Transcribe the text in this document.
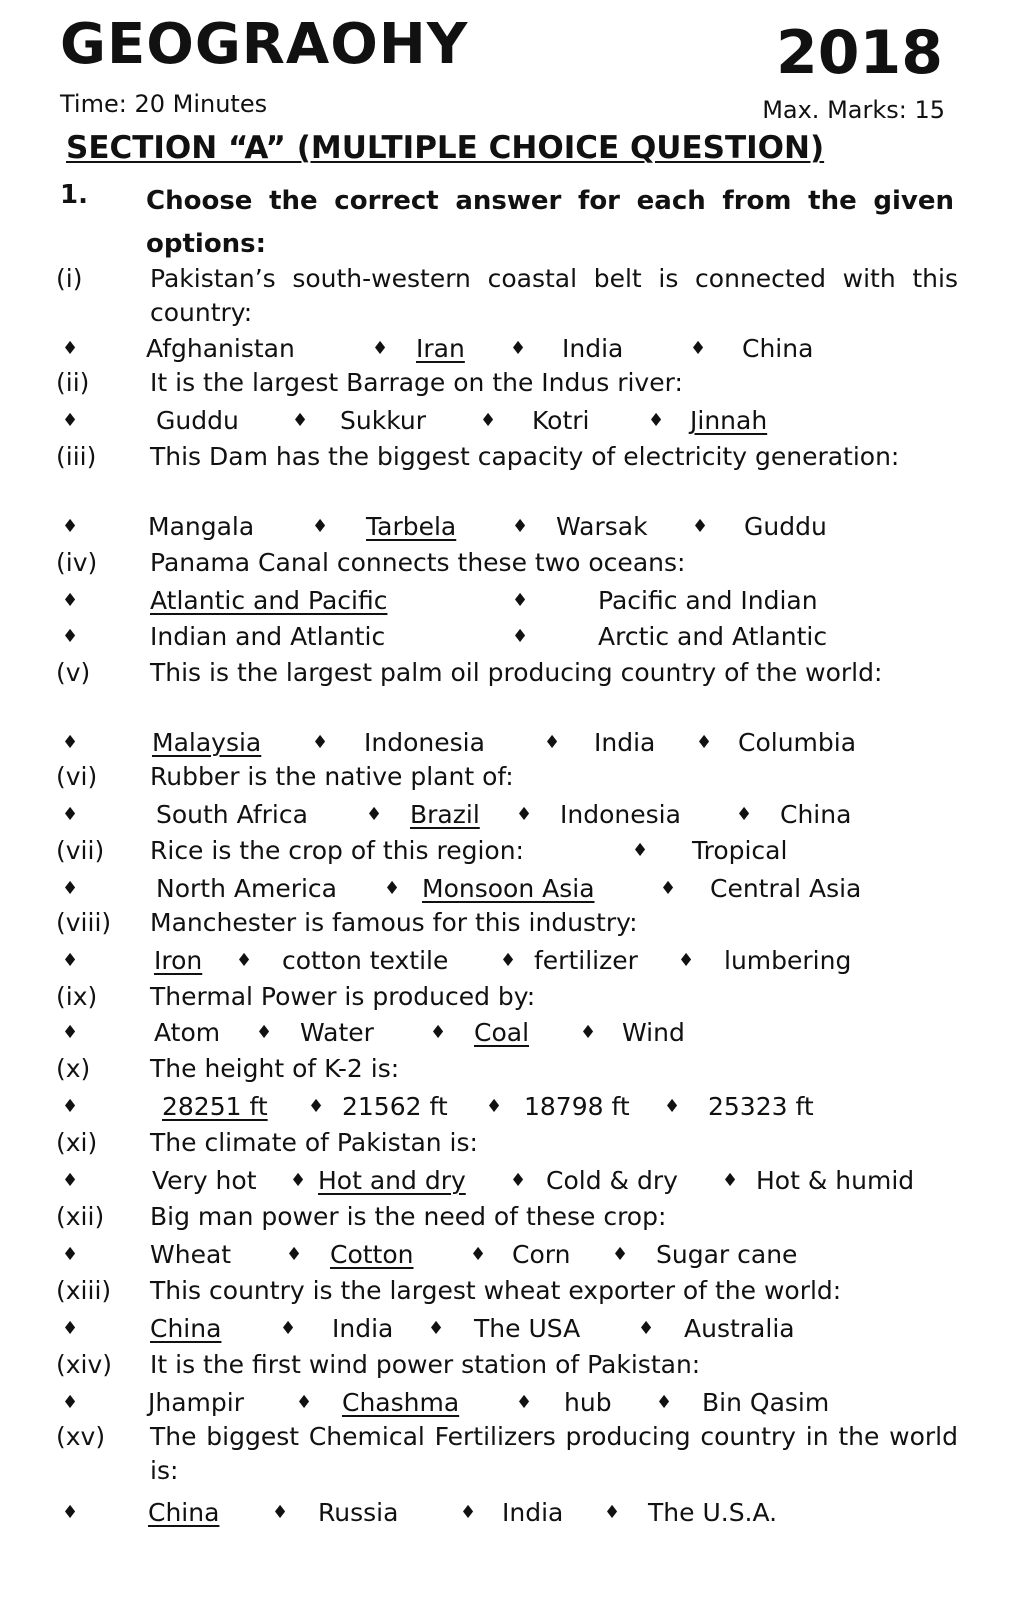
GEOGRAOHY	2018
Time: 20 Minutes	Max. Marks: 15
SECTION “A” (MULTIPLE CHOICE QUESTION)
1. Choose the correct answer for each from the given options:
(i)	Pakistan’s south-western coastal belt is connected with this country:
♦	Afghanistan	♦ Iran	♦ India	♦ China
(ii) It is the largest Barrage on the Indus river:
♦	Guddu	♦ Sukkur	♦ Kotri	♦ Jinnah
(iii) This Dam has the biggest capacity of electricity generation:
♦	Mangala	♦ Tarbela	♦ Warsak ♦ Guddu
(iv) Panama Canal connects these two oceans:
♦	Atlantic and Pacific	♦	Pacific and Indian
♦	Indian and Atlantic	♦	Arctic and Atlantic
(v) This is the largest palm oil producing country of the world:
♦	Malaysia	♦ Indonesia	♦ India ♦ Columbia
(vi) Rubber is the native plant of:
♦	South Africa	♦ Brazil ♦ Indonesia	♦ China
(vii) Rice is the crop of this region:	♦ Tropical
♦	North America	♦ Monsoon Asia	♦ Central Asia
(viii) Manchester is famous for this industry:
♦	Iron ♦ cotton textile	♦ fertilizer ♦ lumbering
(ix) Thermal Power is produced by:
♦	Atom ♦ Water	♦ Coal	♦ Wind
(x) The height of K-2 is:
♦	28251 ft ♦ 21562 ft ♦ 18798 ft ♦ 25323 ft
(xi) The climate of Pakistan is:
♦	Very hot ♦ Hot and dry ♦ Cold & dry ♦ Hot & humid
(xii) Big man power is the need of these crop:
♦	Wheat	♦ Cotton	♦ Corn ♦ Sugar cane
(xiii) This country is the largest wheat exporter of the world:
♦	China	♦ India ♦ The USA	♦ Australia
(xiv) It is the first wind power station of Pakistan:
♦	Jhampir	♦ Chashma	♦ hub ♦ Bin Qasim
(xv) The biggest Chemical Fertilizers producing country in the world is:
♦	China	♦ Russia	♦ India ♦ The U.S.A.
